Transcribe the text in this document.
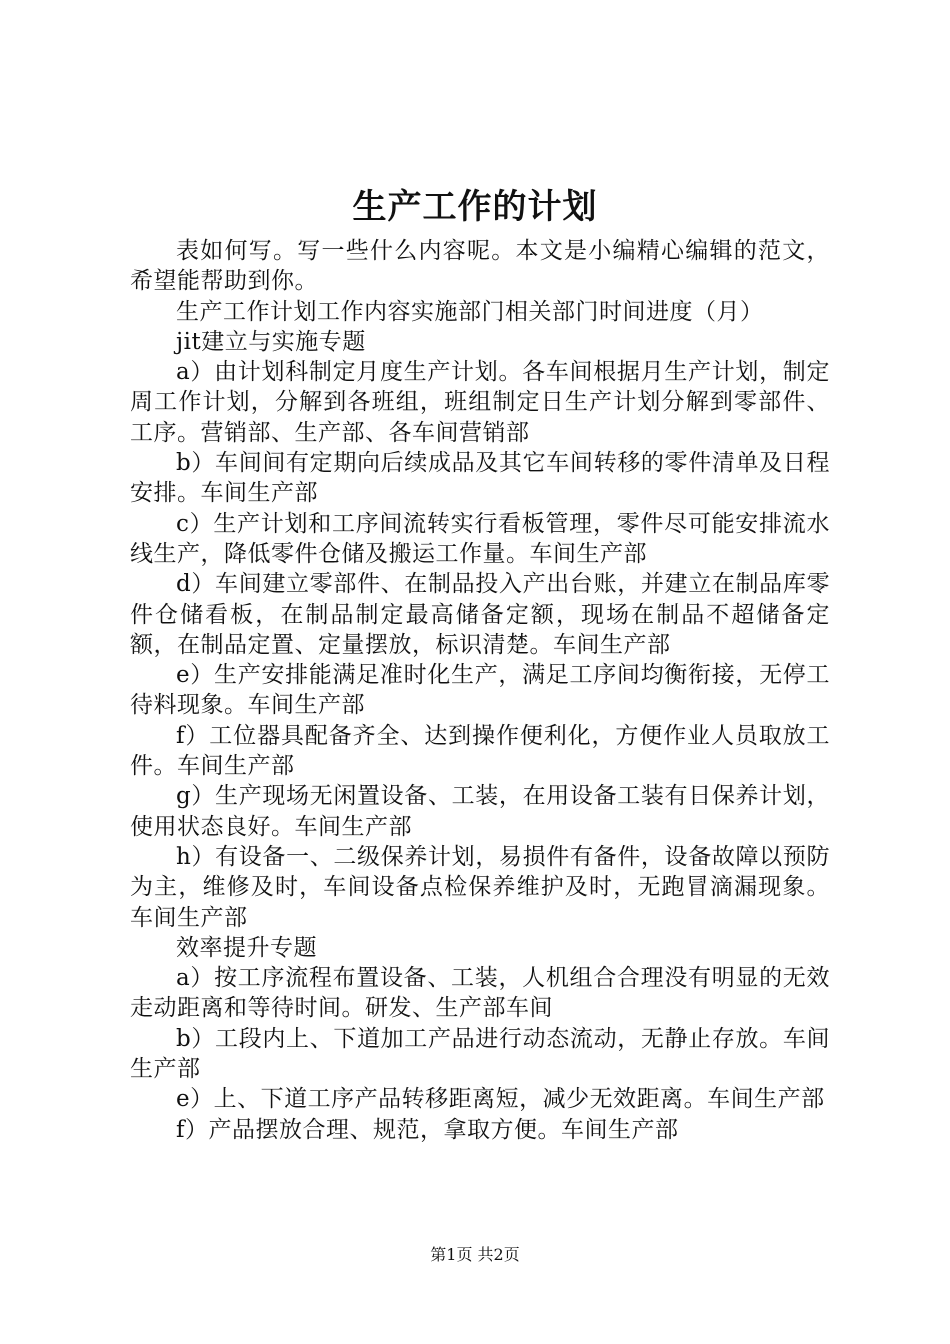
生产工作的计划

表如何写。写一些什么内容呢。本文是小编精心编辑的范文，希望能帮助到你。

生产工作计划工作内容实施部门相关部门时间进度（月）

jit建立与实施专题

a）由计划科制定月度生产计划。各车间根据月生产计划，制定周工作计划，分解到各班组，班组制定日生产计划分解到零部件、工序。营销部、生产部、各车间营销部

b）车间间有定期向后续成品及其它车间转移的零件清单及日程安排。车间生产部

c）生产计划和工序间流转实行看板管理，零件尽可能安排流水线生产，降低零件仓储及搬运工作量。车间生产部

d）车间建立零部件、在制品投入产出台账，并建立在制品库零件仓储看板，在制品制定最高储备定额，现场在制品不超储备定额，在制品定置、定量摆放，标识清楚。车间生产部

e）生产安排能满足准时化生产，满足工序间均衡衔接，无停工待料现象。车间生产部

f）工位器具配备齐全、达到操作便利化，方便作业人员取放工件。车间生产部

g）生产现场无闲置设备、工装，在用设备工装有日保养计划，使用状态良好。车间生产部

h）有设备一、二级保养计划，易损件有备件，设备故障以预防为主，维修及时，车间设备点检保养维护及时，无跑冒滴漏现象。车间生产部

效率提升专题

a）按工序流程布置设备、工装，人机组合合理没有明显的无效走动距离和等待时间。研发、生产部车间

b）工段内上、下道加工产品进行动态流动，无静止存放。车间生产部

e）上、下道工序产品转移距离短，减少无效距离。车间生产部

f）产品摆放合理、规范，拿取方便。车间生产部

第1页 共2页
